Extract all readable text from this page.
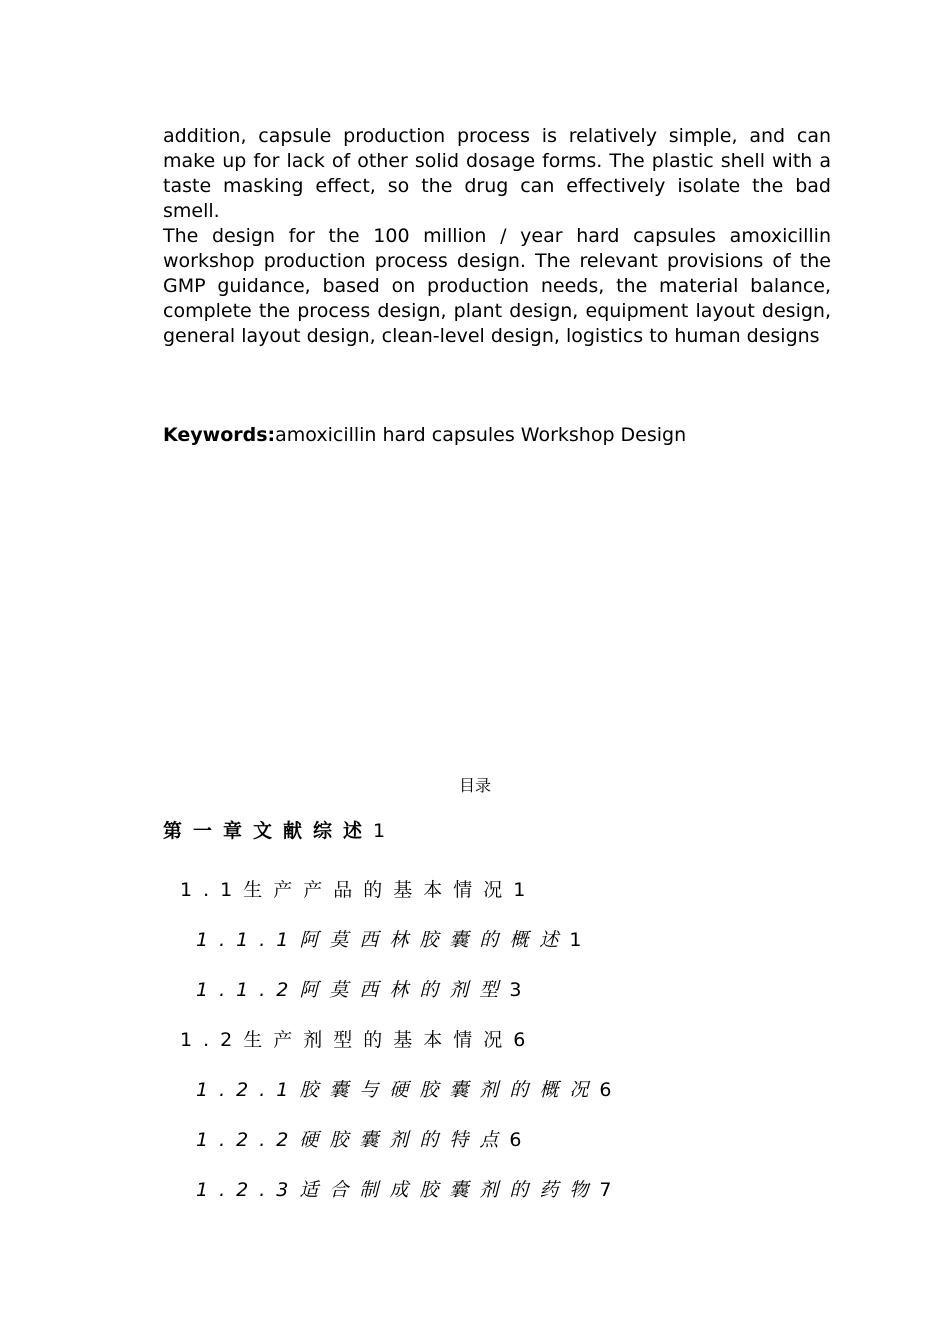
addition, capsule production process is relatively simple, and can make up for lack of other solid dosage forms. The plastic shell with a taste masking effect, so the drug can effectively isolate the bad smell.

The design for the 100 million / year hard capsules amoxicillin workshop production process design. The relevant provisions of the GMP guidance, based on production needs, the material balance, complete the process design, plant design, equipment layout design, general layout design, clean-level design, logistics to human designs

Keywords:amoxicillin hard capsules Workshop Design
目录
第一章文献综述1
1.1生产产品的基本情况1
1.1.1阿莫西林胶囊的概述1
1.1.2阿莫西林的剂型3
1.2生产剂型的基本情况6
1.2.1胶囊与硬胶囊剂的概况6
1.2.2硬胶囊剂的特点6
1.2.3适合制成胶囊剂的药物7
